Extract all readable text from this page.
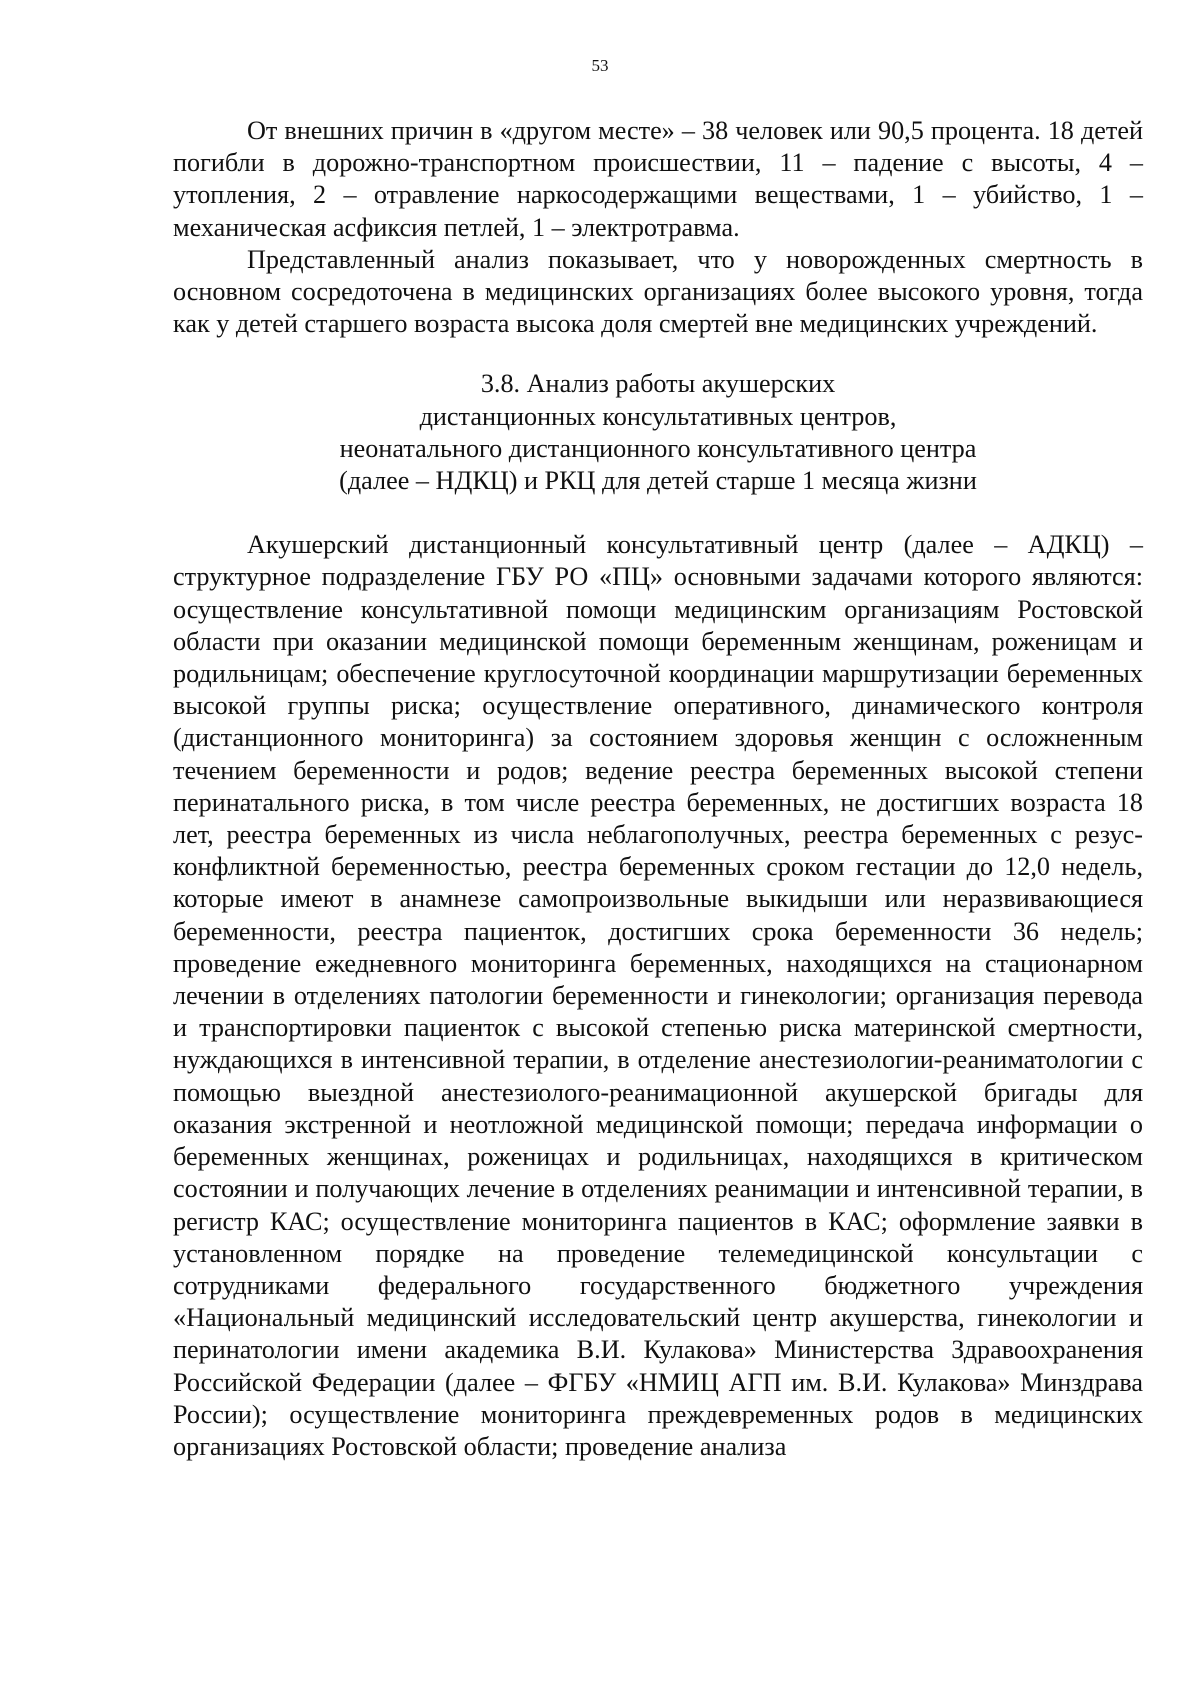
53

От внешних причин в «другом месте» – 38 человек или 90,5 процента. 18 детей погибли в дорожно-транспортном происшествии, 11 – падение с высоты, 4 – утопления, 2 – отравление наркосодержащими веществами, 1 – убийство, 1 – механическая асфиксия петлей, 1 – электротравма.

Представленный анализ показывает, что у новорожденных смертность в основном сосредоточена в медицинских организациях более высокого уровня, тогда как у детей старшего возраста высока доля смертей вне медицинских учреждений.

3.8. Анализ работы акушерских
дистанционных консультативных центров,
неонатального дистанционного консультативного центра
(далее – НДКЦ) и РКЦ для детей старше 1 месяца жизни

Акушерский дистанционный консультативный центр (далее – АДКЦ) – структурное подразделение ГБУ РО «ПЦ» основными задачами которого являются: осуществление консультативной помощи медицинским организациям Ростовской области при оказании медицинской помощи беременным женщинам, роженицам и родильницам; обеспечение круглосуточной координации маршрутизации беременных высокой группы риска; осуществление оперативного, динамического контроля (дистанционного мониторинга) за состоянием здоровья женщин с осложненным течением беременности и родов; ведение реестра беременных высокой степени перинатального риска, в том числе реестра беременных, не достигших возраста 18 лет, реестра беременных из числа неблагополучных, реестра беременных с резус-конфликтной беременностью, реестра беременных сроком гестации до 12,0 недель, которые имеют в анамнезе самопроизвольные выкидыши или неразвивающиеся беременности, реестра пациенток, достигших срока беременности 36 недель; проведение ежедневного мониторинга беременных, находящихся на стационарном лечении в отделениях патологии беременности и гинекологии; организация перевода и транспортировки пациенток с высокой степенью риска материнской смертности, нуждающихся в интенсивной терапии, в отделение анестезиологии-реаниматологии с помощью выездной анестезиолого-реанимационной акушерской бригады для оказания экстренной и неотложной медицинской помощи; передача информации о беременных женщинах, роженицах и родильницах, находящихся в критическом состоянии и получающих лечение в отделениях реанимации и интенсивной терапии, в регистр КАС; осуществление мониторинга пациентов в КАС; оформление заявки в установленном порядке на проведение телемедицинской консультации с сотрудниками федерального государственного бюджетного учреждения «Национальный медицинский исследовательский центр акушерства, гинекологии и перинатологии имени академика В.И. Кулакова» Министерства Здравоохранения Российской Федерации (далее – ФГБУ «НМИЦ АГП им. В.И. Кулакова» Минздрава России); осуществление мониторинга преждевременных родов в медицинских организациях Ростовской области; проведение анализа
